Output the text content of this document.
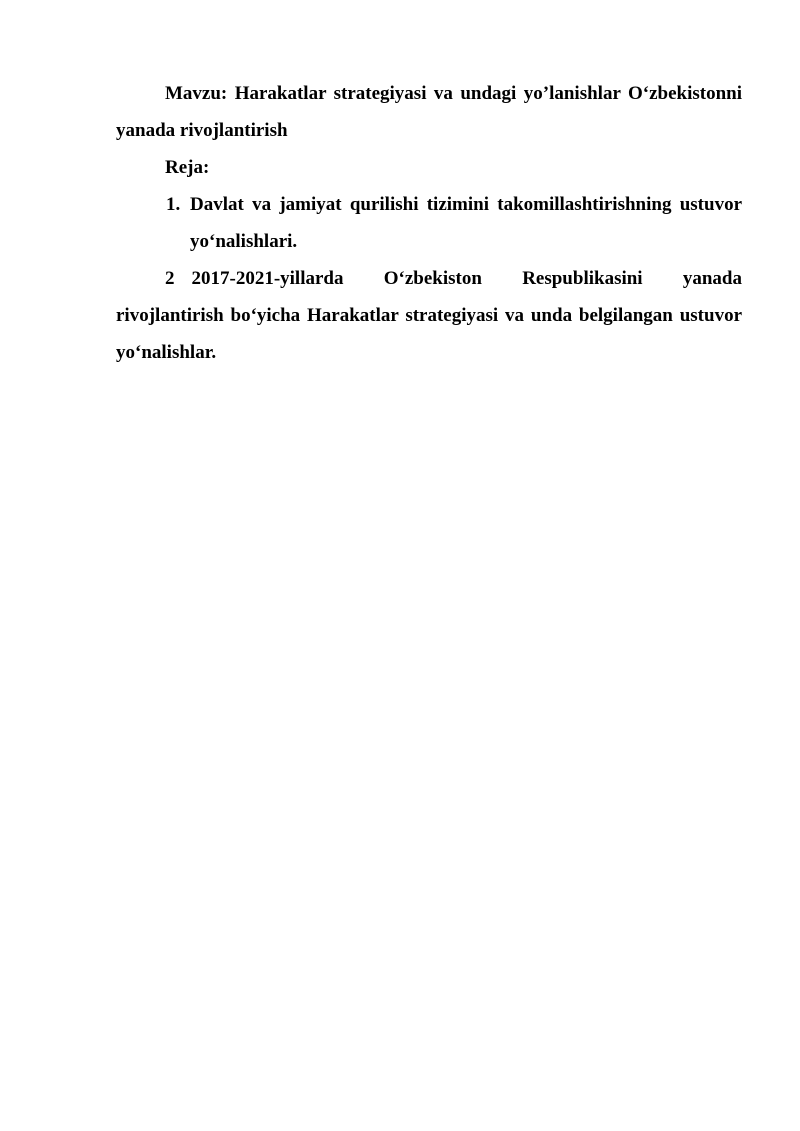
Mavzu: Harakatlar strategiyasi va undagi yo’lanishlar O‘zbekistonni yanada rivojlantirish

Reja:

1. Davlat va jamiyat qurilishi tizimini takomillashtirishning ustuvor yo‘nalishlari.

2 2017-2021-yillarda O‘zbekiston Respublikasini yanada rivojlantirish bo‘yicha Harakatlar strategiyasi va unda belgilangan ustuvor yo‘nalishlar.
